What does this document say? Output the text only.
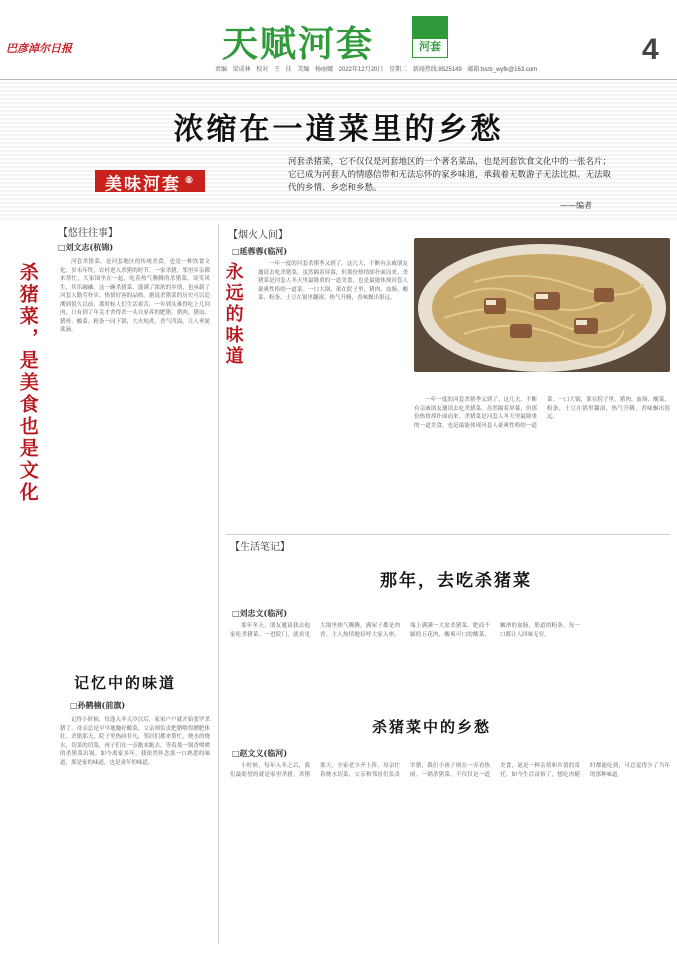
巴彦淖尔日报	天赋河套	河套	4
责编 梁成林 校对 王 佳 美编 杨丽娜 2022年12月20日 星期二 新闻热线:8525149 邮箱:bsrb_wyfk@163.com
浓缩在一道菜里的乡愁
美味河套 ⑧
河套杀猪菜，它不仅仅是河套地区的一个著名菜品，也是河套饮食文化中的一张名片；它已成为河套人的情感信带和无法忘怀的家乡味道，承载着无数游子无法比拟、无法取代的乡情、乡恋和乡愁。
——编者
【悠往往事】
□刘文志(杭锦)
杀猪菜，是美食也是文化	河套杀猪菜，是河套地区的传统美食，也是一种饮食文化。岁末年终，农村进入杀猪的时节，一家杀猪，邻里乡亲都来帮忙，大家围坐在一起，吃着热气腾腾的杀猪菜，谈笑风生，其乐融融。这一碗杀猪菜，盛满了浓浓的乡情，也承载了河套人勤劳朴实、热情好客的品格。据说杀猪菜的历史可以追溯到很久以前，那时候人们生活艰苦，一年到头难得吃上几回肉，只有到了年关才舍得杀一头自家养的肥猪。猪肉、猪血、猪骨、酸菜、粉条一同下锅，大火炖煮，香气四溢，让人垂涎欲滴。

记忆中的味道
□孙鹤楠(前旗)

记得小时候，每逢入冬天冷以后，家家户户就开始张罗杀猪了。母亲总是早早地腌好酸菜，父亲则负责把猪喂得膘肥体壮。杀猪那天，院子里热闹非凡，邻居们都来帮忙，烧水的烧水，切菜的切菜，孩子们在一旁跑来跑去，等着那一锅香喷喷的杀猪菜出锅。如今离家多年，我依然怀念那一口熟悉的味道，那是家的味道，也是童年的味道。

【烟火人间】
□延蓉蓉(临河)
永远的味道	一年一度的河套杀猪季又到了。这几天，不断有亲戚朋友邀请去吃杀猪菜，虽然隔着屏幕，但那份热情却扑面而来。杀猪菜是河套人冬天里最隆重的一道美食，也是最能体现河套人豪爽性格的一道菜。一口大锅，架在院子里，猪肉、血肠、酸菜、粉条、土豆在锅里翻滚，热气升腾，香味飘出很远。

一年一度的河套杀猪季又到了。这几天，不断有亲戚朋友邀请去吃杀猪菜，虽然隔着屏幕，但那份热情却扑面而来。杀猪菜是河套人冬天里最隆重的一道美食，也是最能体现河套人豪爽性格的一道菜。一口大锅，架在院子里，猪肉、血肠、酸菜、粉条、土豆在锅里翻滚，热气升腾，香味飘出很远。

【生活笔记】
那年，去吃杀猪菜
□刘忠文(临河)

那年冬天，朋友邀请我去他家吃杀猪菜。一进院门，就看见大锅里热气腾腾，满屋子都是肉香。主人热情地招呼大家入座，端上满满一大盆杀猪菜，肥而不腻的五花肉，酸爽可口的酸菜，嫩滑的血肠，筋道的粉条，每一口都让人回味无穷。

杀猪菜中的乡愁
□赵文义(临河)

小时候，每年入冬之后，我们最盼望的就是家里杀猪。杀猪那天，全家老少齐上阵，母亲忙着烧水切菜，父亲和邻居们负责宰猪，我们小孩子则在一旁看热闹。一锅杀猪菜，不仅仅是一道美食，更是一种亲情和乡情的寄托。如今生活富裕了，想吃肉随时都能吃到，可总觉得少了当年的那种味道。
